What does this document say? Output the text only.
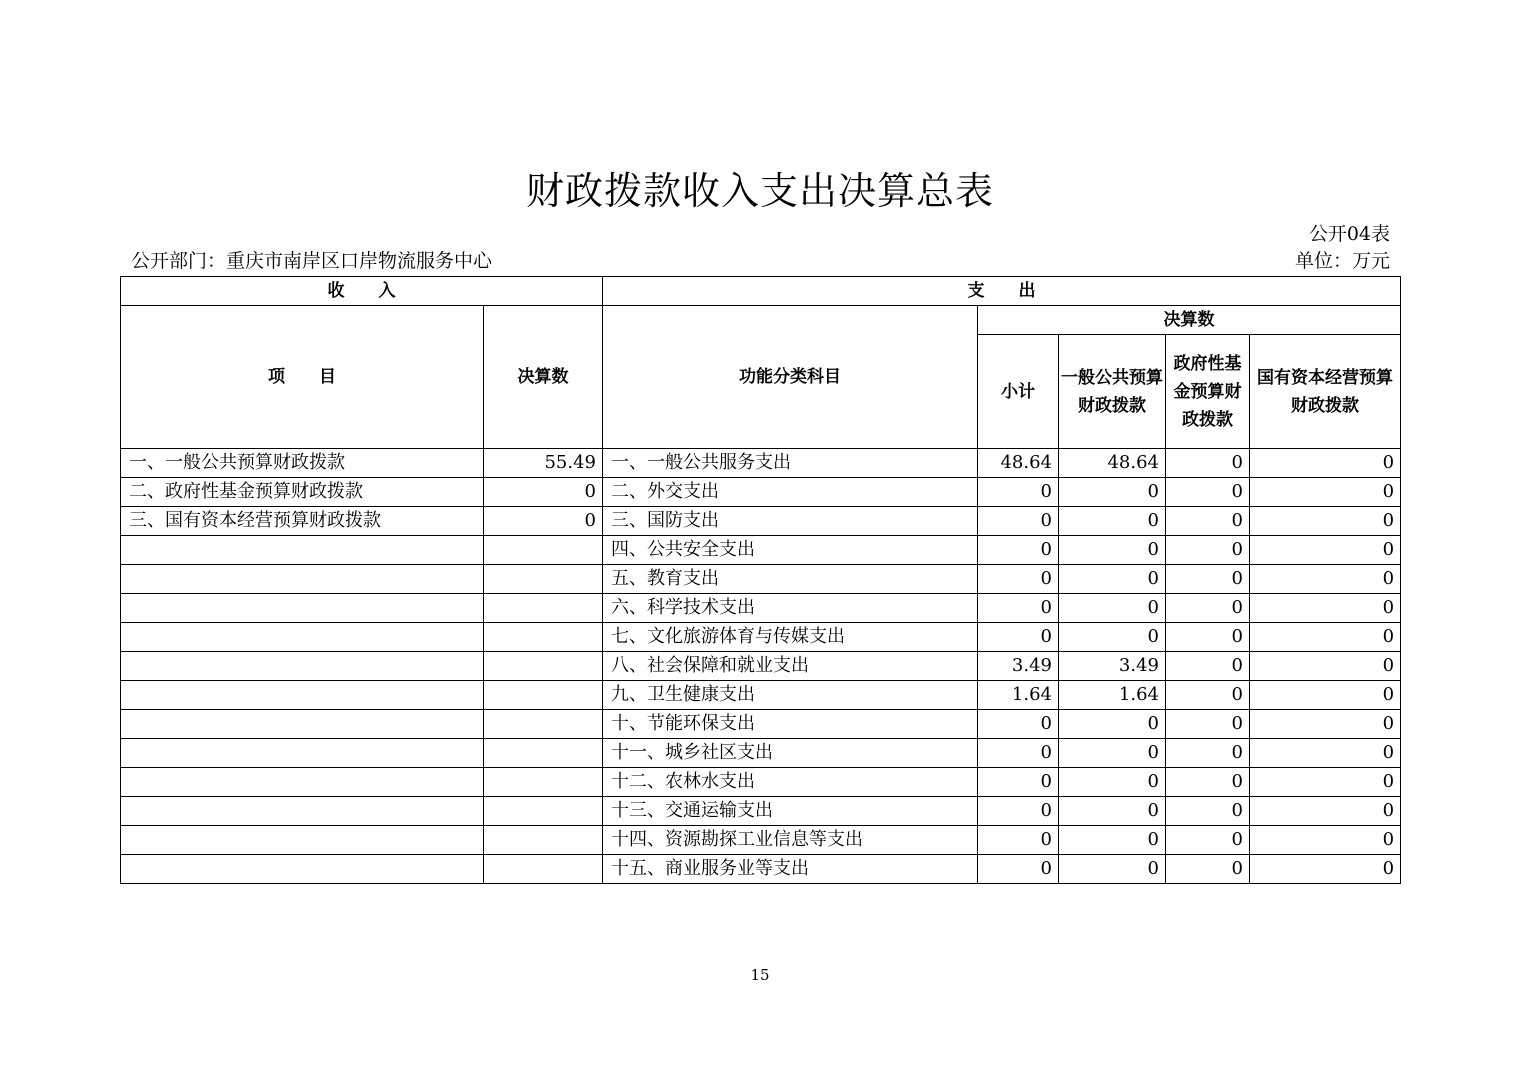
财政拨款收入支出决算总表
公开04表
公开部门：重庆市南岸区口岸物流服务中心	单位：万元
收　　入		支　　出				
项　　目	决算数	功能分类科目	决算数			
			小计	一般公共预算财政拨款	政府性基金预算财政拨款	国有资本经营预算财政拨款
一、一般公共预算财政拨款	55.49	一、一般公共服务支出	48.64	48.64	0	0
二、政府性基金预算财政拨款	0	二、外交支出	0	0	0	0
三、国有资本经营预算财政拨款	0	三、国防支出	0	0	0	0
		四、公共安全支出	0	0	0	0
		五、教育支出	0	0	0	0
		六、科学技术支出	0	0	0	0
		七、文化旅游体育与传媒支出	0	0	0	0
		八、社会保障和就业支出	3.49	3.49	0	0
		九、卫生健康支出	1.64	1.64	0	0
		十、节能环保支出	0	0	0	0
		十一、城乡社区支出	0	0	0	0
		十二、农林水支出	0	0	0	0
		十三、交通运输支出	0	0	0	0
		十四、资源勘探工业信息等支出	0	0	0	0
		十五、商业服务业等支出	0	0	0	0
15
